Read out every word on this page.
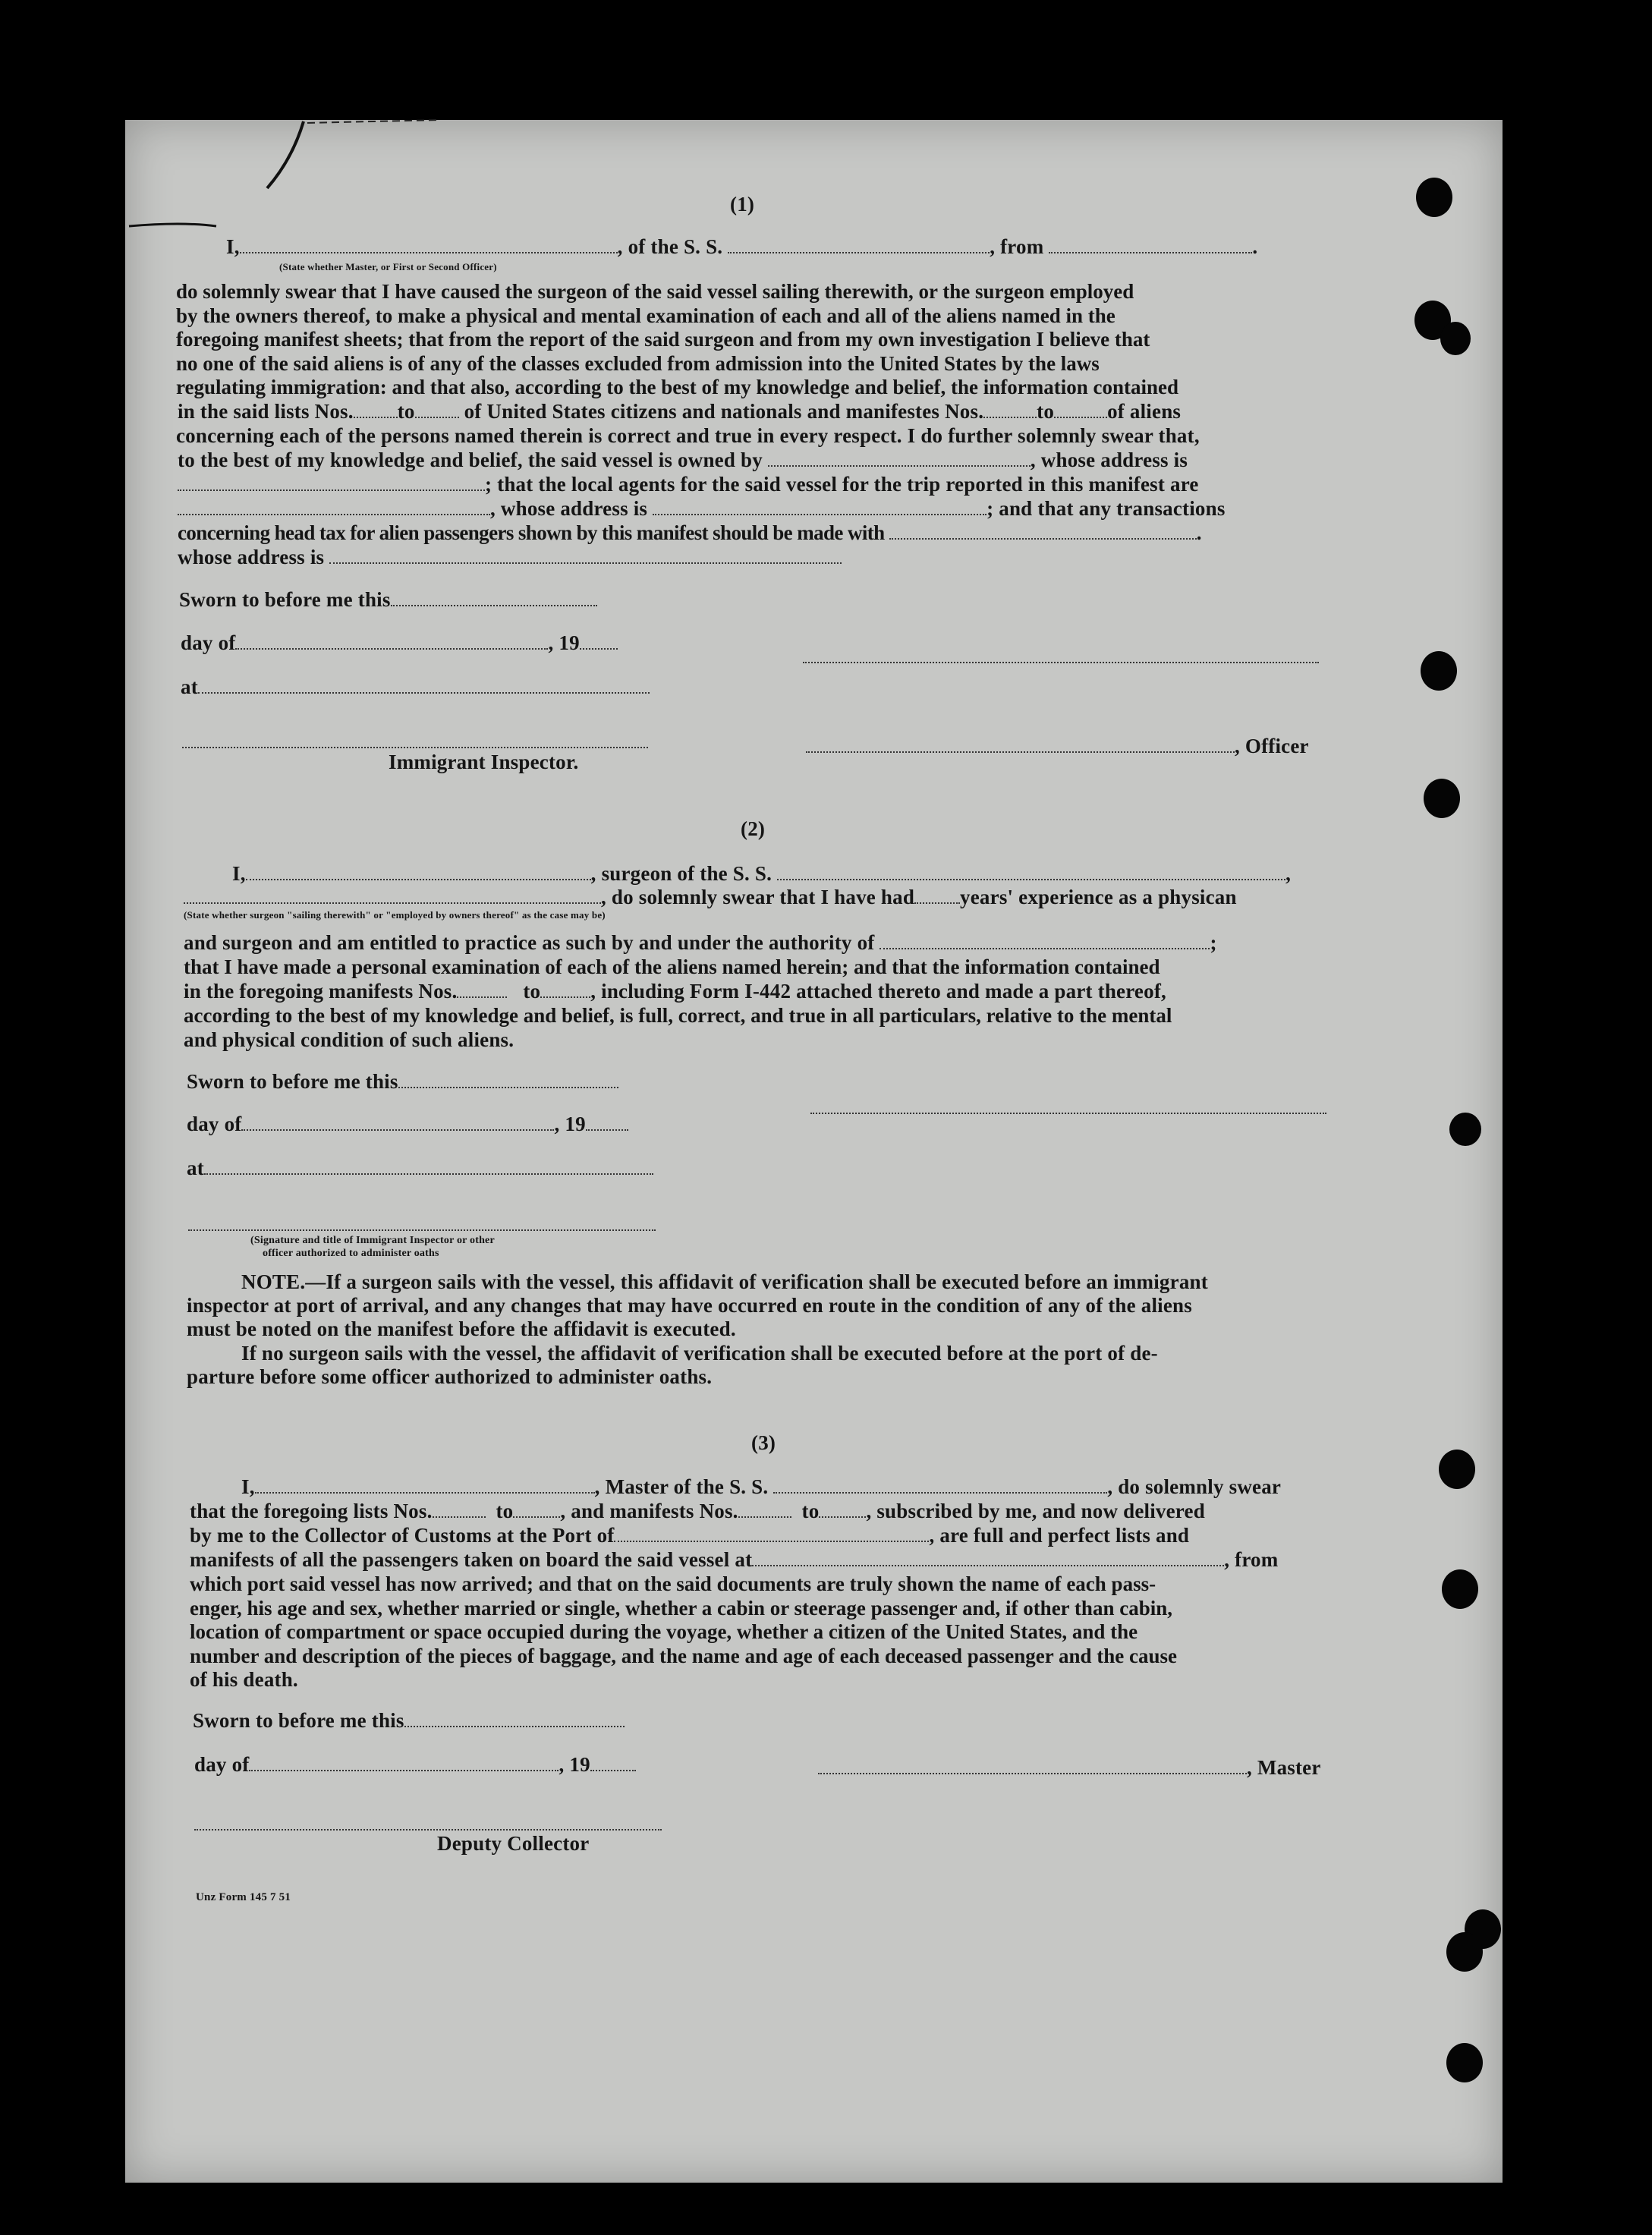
(1)
I,	, of the S. S.	, from	.
(State whether Master, or First or Second Officer)

do solemnly swear that I have caused the surgeon of the said vessel sailing therewith, or the surgeon employed

by the owners thereof, to make a physical and mental examination of each and all of the aliens named in the

foregoing manifest sheets; that from the report of the said surgeon and from my own investigation I believe that

no one of the said aliens is of any of the classes excluded from admission into the United States by the laws

regulating immigration: and that also, according to the best of my knowledge and belief, the information contained

in the said lists Nos. to of United States citizens and nationals and manifestes Nos.	to	of aliens
concerning each of the persons named therein is correct and true in every respect. I do further solemnly swear that,
to the best of my knowledge and belief, the said vessel is owned by	, whose address is
; that the local agents for the said vessel for the trip reported in this manifest are
, whose address is	; and that any transactions
concerning head tax for alien passengers shown by this manifest should be made with	.
whose address is
Sworn to before me this
day of	, 19
at
, Officer
Immigrant Inspector.
(2)
I,	, surgeon of the S. S.	,
, do solemnly swear that I have had years' experience as a physican
(State whether surgeon "sailing therewith" or "employed by owners thereof" as the case may be)
and surgeon and am entitled to practice as such by and under the authority of	;

that I have made a personal examination of each of the aliens named herein; and that the information contained

in the foregoing manifests Nos.	to , including Form I-442 attached thereto and made a part thereof,

according to the best of my knowledge and belief, is full, correct, and true in all particulars, relative to the mental

and physical condition of such aliens.
Sworn to before me this
day of	, 19
at
(Signature and title of Immigrant Inspector or other
officer authorized to administer oaths
NOTE.—If a surgeon sails with the vessel, this affidavit of verification shall be executed before an immigrant
inspector at port of arrival, and any changes that may have occurred en route in the condition of any of the aliens
must be noted on the manifest before the affidavit is executed.
If no surgeon sails with the vessel, the affidavit of verification shall be executed before at the port of de-
parture before some officer authorized to administer oaths.
(3)
I,	, Master of the S. S.	, do solemnly swear
that the foregoing lists Nos.	to , and manifests Nos.	to , subscribed by me, and now delivered
by me to the Collector of Customs at the Port of	, are full and perfect lists and
manifests of all the passengers taken on board the said vessel at	, from

which port said vessel has now arrived; and that on the said documents are truly shown the name of each pass-

enger, his age and sex, whether married or single, whether a cabin or steerage passenger and, if other than cabin,

location of compartment or space occupied during the voyage, whether a citizen of the United States, and the

number and description of the pieces of baggage, and the name and age of each deceased passenger and the cause

of his death.
Sworn to before me this
day of	, 19	, Master
Deputy Collector
Unz Form 145 7 51
